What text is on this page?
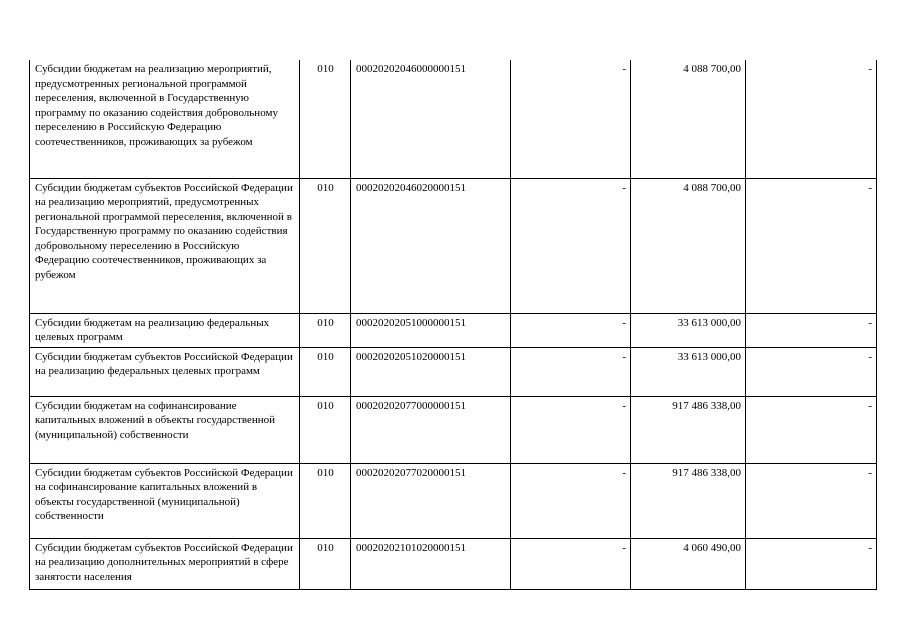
Субсидии бюджетам на реализацию мероприятий, предусмотренных региональной программой переселения, включенной в Государственную программу по оказанию содействия добровольному переселению в Российскую Федерацию соотечественников, проживающих за рубежом	010	00020202046000000151	-	4 088 700,00	-
Субсидии бюджетам субъектов Российской Федерации на реализацию мероприятий, предусмотренных региональной программой переселения, включенной в Государственную программу по оказанию содействия добровольному переселению в Российскую Федерацию соотечественников, проживающих за рубежом	010	00020202046020000151	-	4 088 700,00	-
Субсидии бюджетам на реализацию федеральных целевых программ	010	00020202051000000151	-	33 613 000,00	-
Субсидии бюджетам субъектов Российской Федерации на реализацию федеральных целевых программ	010	00020202051020000151	-	33 613 000,00	-
Субсидии бюджетам на софинансирование капитальных вложений в объекты государственной (муниципальной) собственности	010	00020202077000000151	-	917 486 338,00	-
Субсидии бюджетам субъектов Российской Федерации на софинансирование капитальных вложений в объекты государственной (муниципальной) собственности	010	00020202077020000151	-	917 486 338,00	-
Субсидии бюджетам субъектов Российской Федерации на реализацию дополнительных мероприятий в сфере занятости населения	010	00020202101020000151	-	4 060 490,00	-
